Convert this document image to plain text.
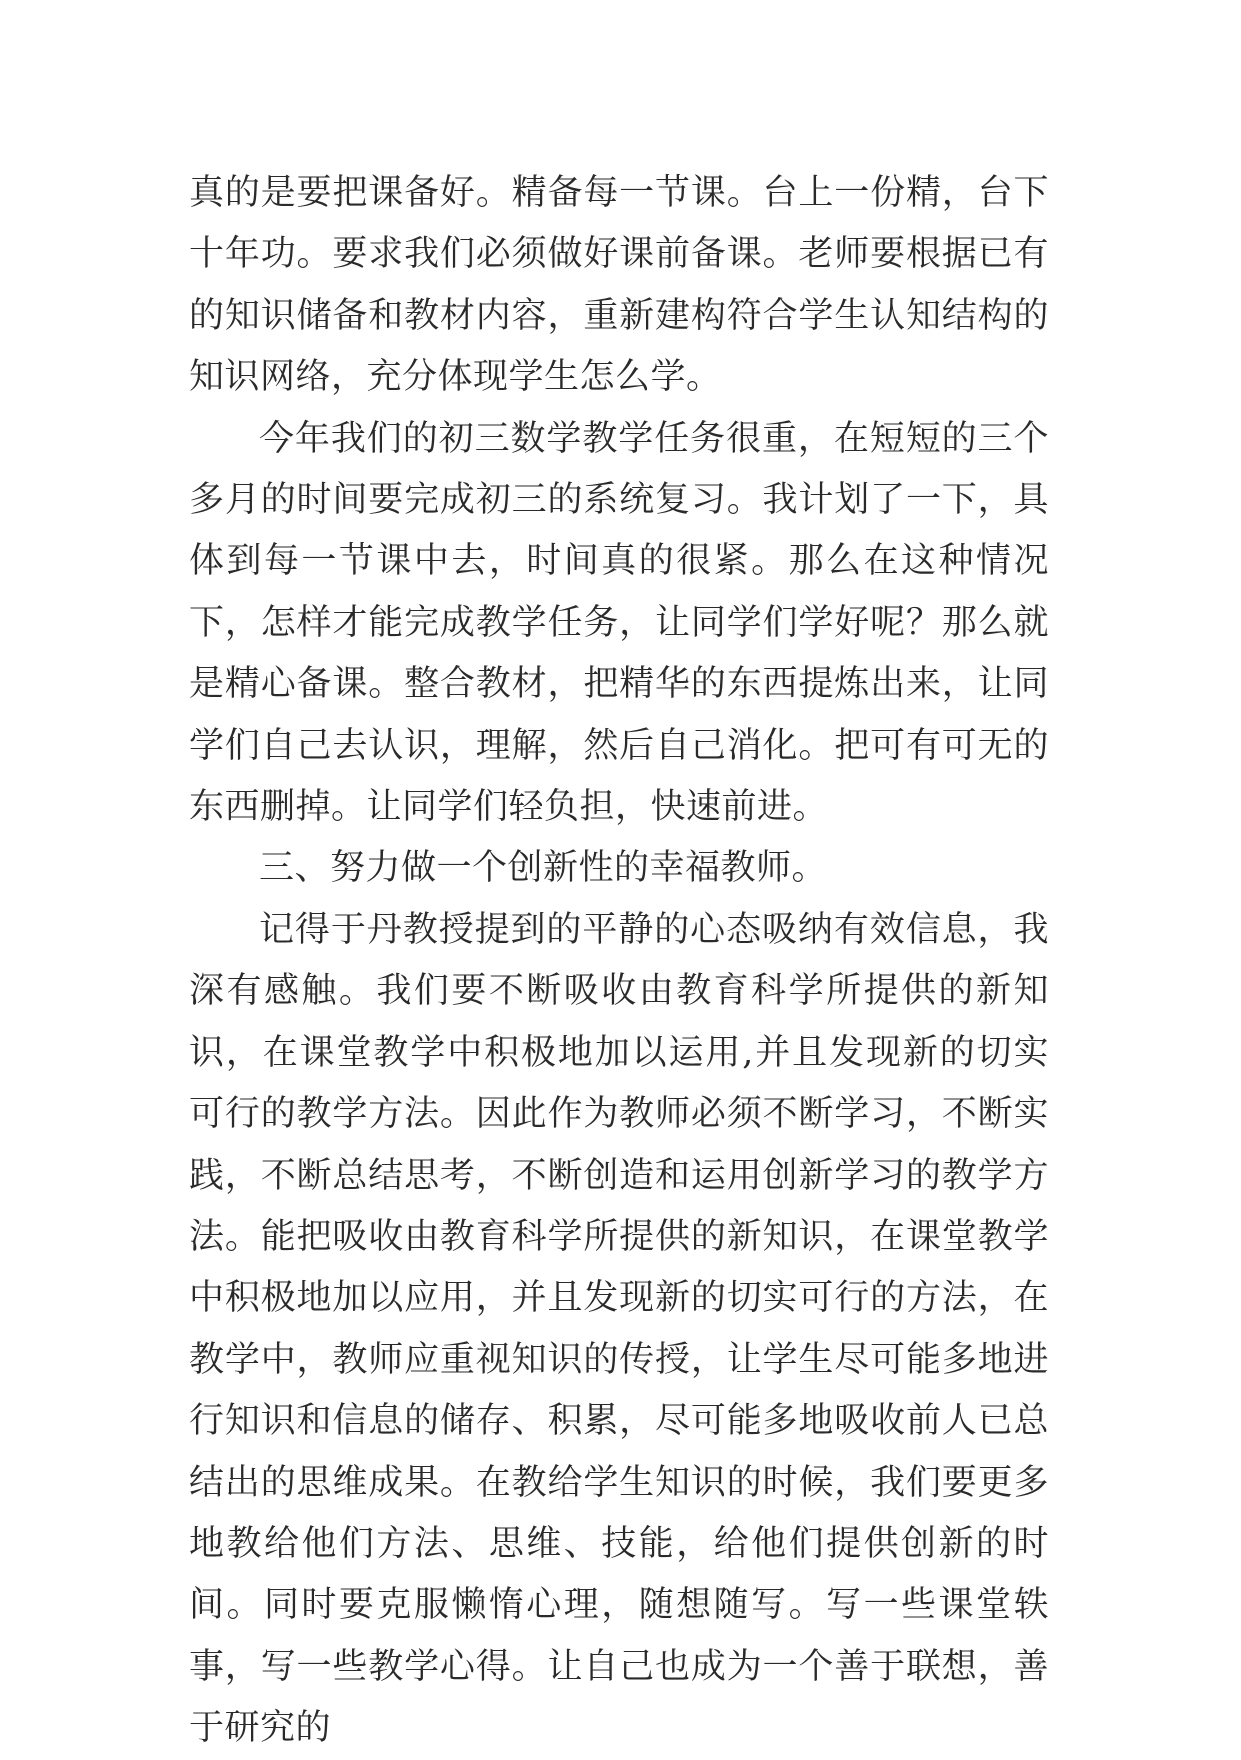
真的是要把课备好。精备每一节课。台上一份精，台下十年功。要求我们必须做好课前备课。老师要根据已有的知识储备和教材内容，重新建构符合学生认知结构的知识网络，充分体现学生怎么学。

今年我们的初三数学教学任务很重，在短短的三个多月的时间要完成初三的系统复习。我计划了一下，具体到每一节课中去，时间真的很紧。那么在这种情况下，怎样才能完成教学任务，让同学们学好呢？那么就是精心备课。整合教材，把精华的东西提炼出来，让同学们自己去认识，理解，然后自己消化。把可有可无的东西删掉。让同学们轻负担，快速前进。

三、努力做一个创新性的幸福教师。

记得于丹教授提到的平静的心态吸纳有效信息，我深有感触。我们要不断吸收由教育科学所提供的新知识，在课堂教学中积极地加以运用,并且发现新的切实可行的教学方法。因此作为教师必须不断学习，不断实践，不断总结思考，不断创造和运用创新学习的教学方法。能把吸收由教育科学所提供的新知识，在课堂教学中积极地加以应用，并且发现新的切实可行的方法，在教学中，教师应重视知识的传授，让学生尽可能多地进行知识和信息的储存、积累，尽可能多地吸收前人已总结出的思维成果。在教给学生知识的时候，我们要更多地教给他们方法、思维、技能，给他们提供创新的时间。同时要克服懒惰心理，随想随写。写一些课堂轶事，写一些教学心得。让自己也成为一个善于联想，善于研究的
